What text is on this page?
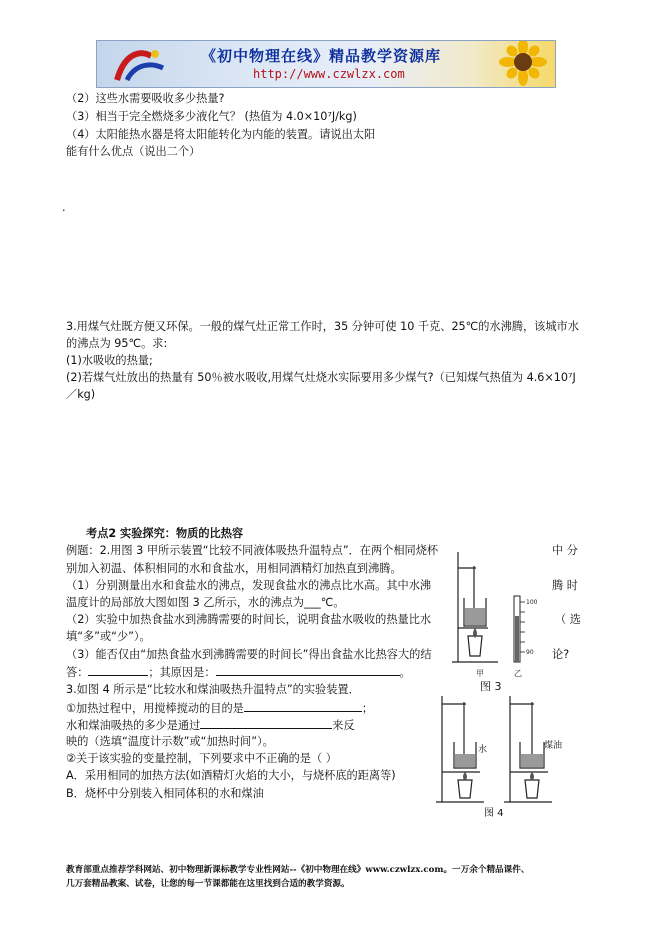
《初中物理在线》精品教学资源库
http://www.czwlzx.com
（2）这些水需要吸收多少热量?
（3）相当于完全燃烧多少液化气？ (热值为 4.0×10⁷J/kg)
（4）太阳能热水器是将太阳能转化为内能的装置。请说出太阳
能有什么优点（说出二个）
.
3.用煤气灶既方便又环保。一般的煤气灶正常工作时，35 分钟可使 10 千克、25℃的水沸腾，该城市水
的沸点为 95℃。求:
(1)水吸收的热量;
(2)若煤气灶放出的热量有 50％被水吸收,用煤气灶烧水实际要用多少煤气?（已知煤气热值为 4.6×10⁷J
／kg)
考点2 实验探究：物质的比热容
例题：2.用图 3 甲所示装置“比较不同液体吸热升温特点”．在两个相同烧杯	中 分
别加入初温、体积相同的水和食盐水，用相同酒精灯加热直到沸腾。
（1）分别测量出水和食盐水的沸点，发现食盐水的沸点比水高。其中水沸	腾 时
温度计的局部放大图如图 3 乙所示，水的沸点为___℃。
（2）实验中加热食盐水到沸腾需要的时间长，说明食盐水吸收的热量比水	（ 选
填“多”或“少”）。
（3）能否仅由“加热食盐水到沸腾需要的时间长”得出食盐水比热容大的结	论?
答：	；其原因是：	。
100
90
甲	乙
图 3
3.如图 4 所示是“比较水和煤油吸热升温特点”的实验装置．
①加热过程中，用搅棒搅动的目的是	；
水和煤油吸热的多少是通过	来反
映的（选填“温度计示数”或“加热时间”）。
②关于该实验的变量控制，下列要求中不正确的是（ ）
A．采用相同的加热方法(如酒精灯火焰的大小，与烧杯底的距离等)
B．烧杯中分别装入相同体积的水和煤油
水	煤油
图 4
教育部重点推荐学科网站、初中物理新课标教学专业性网站--《初中物理在线》www.czwlzx.com。一万余个精品课件、
几万套精品教案、试卷，让您的每一节课都能在这里找到合适的教学资源。
